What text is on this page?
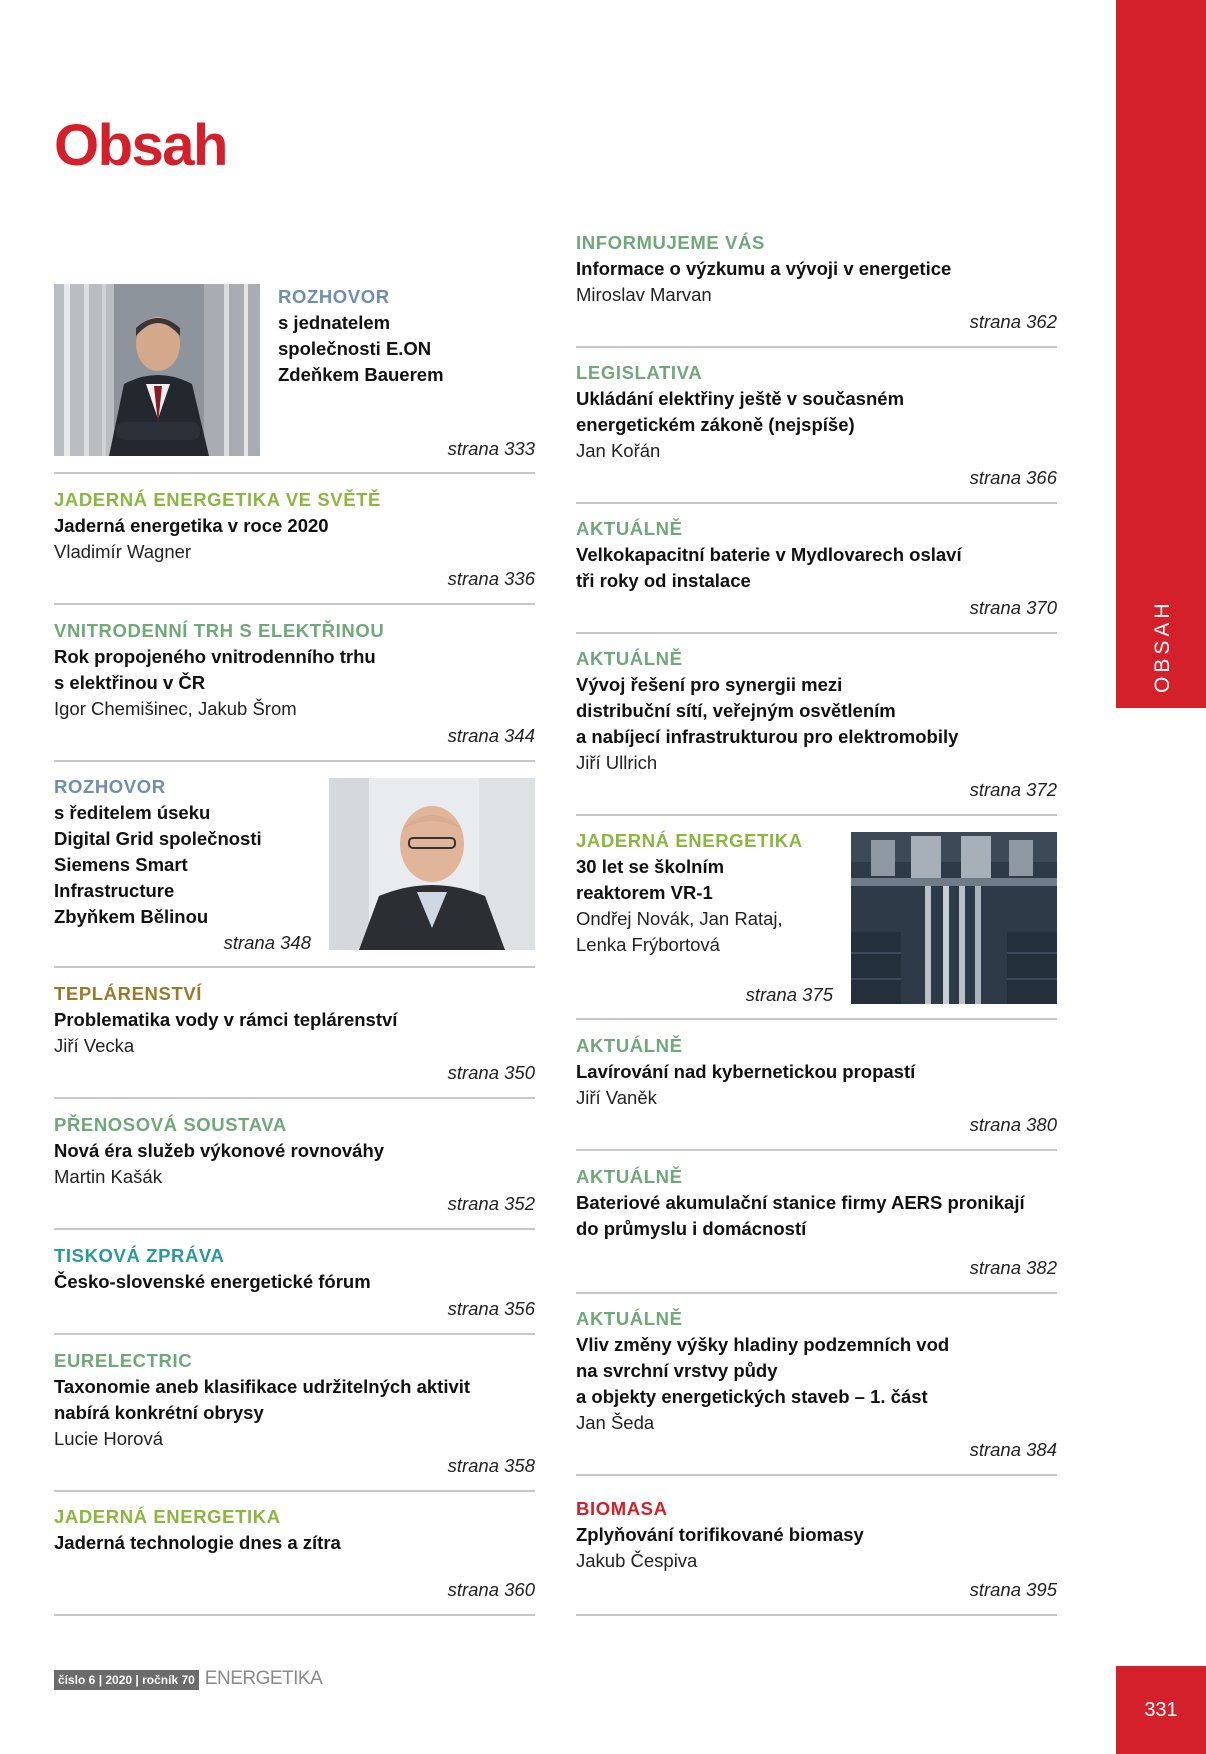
Obsah
OBSAH
ROZHOVOR
s jednatelem
společnosti E.ON
Zdeňkem Bauerem
strana 333
JADERNÁ ENERGETIKA VE SVĚTĚ
Jaderná energetika v roce 2020
Vladimír Wagner
strana 336
VNITRODENNÍ TRH S ELEKTŘINOU
Rok propojeného vnitrodenního trhu
s elektřinou v ČR
Igor Chemišinec, Jakub Šrom
strana 344
ROZHOVOR
s ředitelem úseku
Digital Grid společnosti
Siemens Smart
Infrastructure
Zbyňkem Bělinou
strana 348
TEPLÁRENSTVÍ
Problematika vody v rámci teplárenství
Jiří Vecka
strana 350
PŘENOSOVÁ SOUSTAVA
Nová éra služeb výkonové rovnováhy
Martin Kašák
strana 352
TISKOVÁ ZPRÁVA
Česko-slovenské energetické fórum
strana 356
EURELECTRIC
Taxonomie aneb klasifikace udržitelných aktivit
nabírá konkrétní obrysy
Lucie Horová
strana 358
JADERNÁ ENERGETIKA
Jaderná technologie dnes a zítra
strana 360
INFORMUJEME VÁS
Informace o výzkumu a vývoji v energetice
Miroslav Marvan
strana 362
LEGISLATIVA
Ukládání elektřiny ještě v současném
energetickém zákoně (nejspíše)
Jan Kořán
strana 366
AKTUÁLNĚ
Velkokapacitní baterie v Mydlovarech oslaví
tři roky od instalace
strana 370
AKTUÁLNĚ
Vývoj řešení pro synergii mezi
distribuční sítí, veřejným osvětlením
a nabíjecí infrastrukturou pro elektromobily
Jiří Ullrich
strana 372
JADERNÁ ENERGETIKA
30 let se školním
reaktorem VR-1
Ondřej Novák, Jan Rataj,
Lenka Frýbortová
strana 375
AKTUÁLNĚ
Lavírování nad kybernetickou propastí
Jiří Vaněk
strana 380
AKTUÁLNĚ
Bateriové akumulační stanice firmy AERS pronikají
do průmyslu i domácností
strana 382
AKTUÁLNĚ
Vliv změny výšky hladiny podzemních vod
na svrchní vrstvy půdy
a objekty energetických staveb – 1. část
Jan Šeda
strana 384
BIOMASA
Zplyňování torifikované biomasy
Jakub Čespiva
strana 395
číslo 6 | 2020 | ročník 70 ENERGETIKA
331
